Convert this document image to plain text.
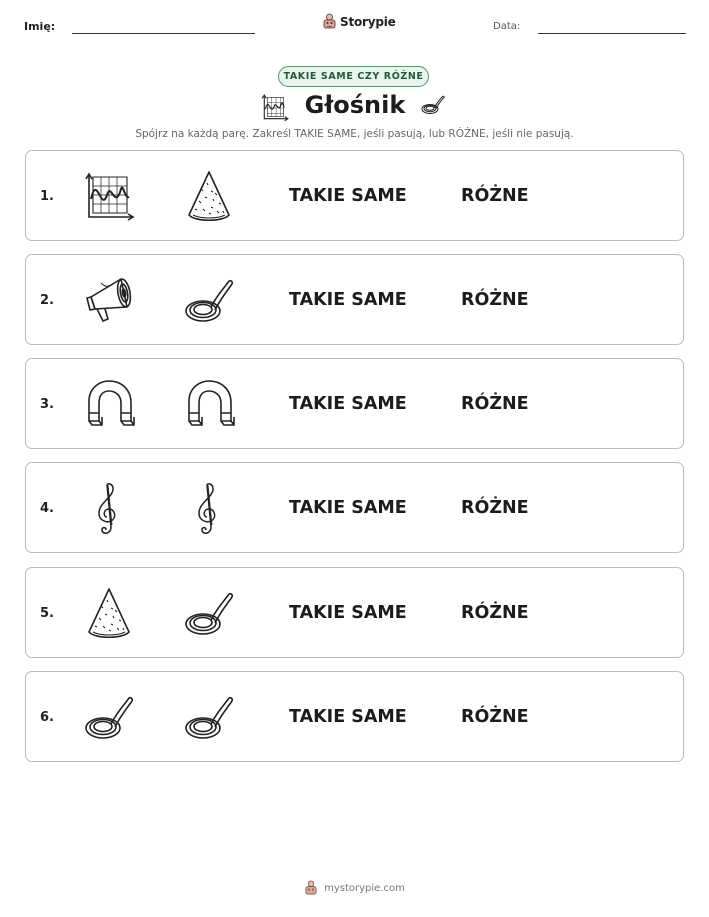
Imię:	Storypie	Data:
TAKIE SAME CZY RÓŻNE
Głośnik
Spójrz na każdą parę. Zakreśl TAKIE SAME, jeśli pasują, lub RÓŻNE, jeśli nie pasują.
1.	TAKIE SAME	RÓŻNE
2.	TAKIE SAME	RÓŻNE
3.	TAKIE SAME	RÓŻNE
4.	TAKIE SAME	RÓŻNE
5.	TAKIE SAME	RÓŻNE
6.	TAKIE SAME	RÓŻNE
mystorypie.com
